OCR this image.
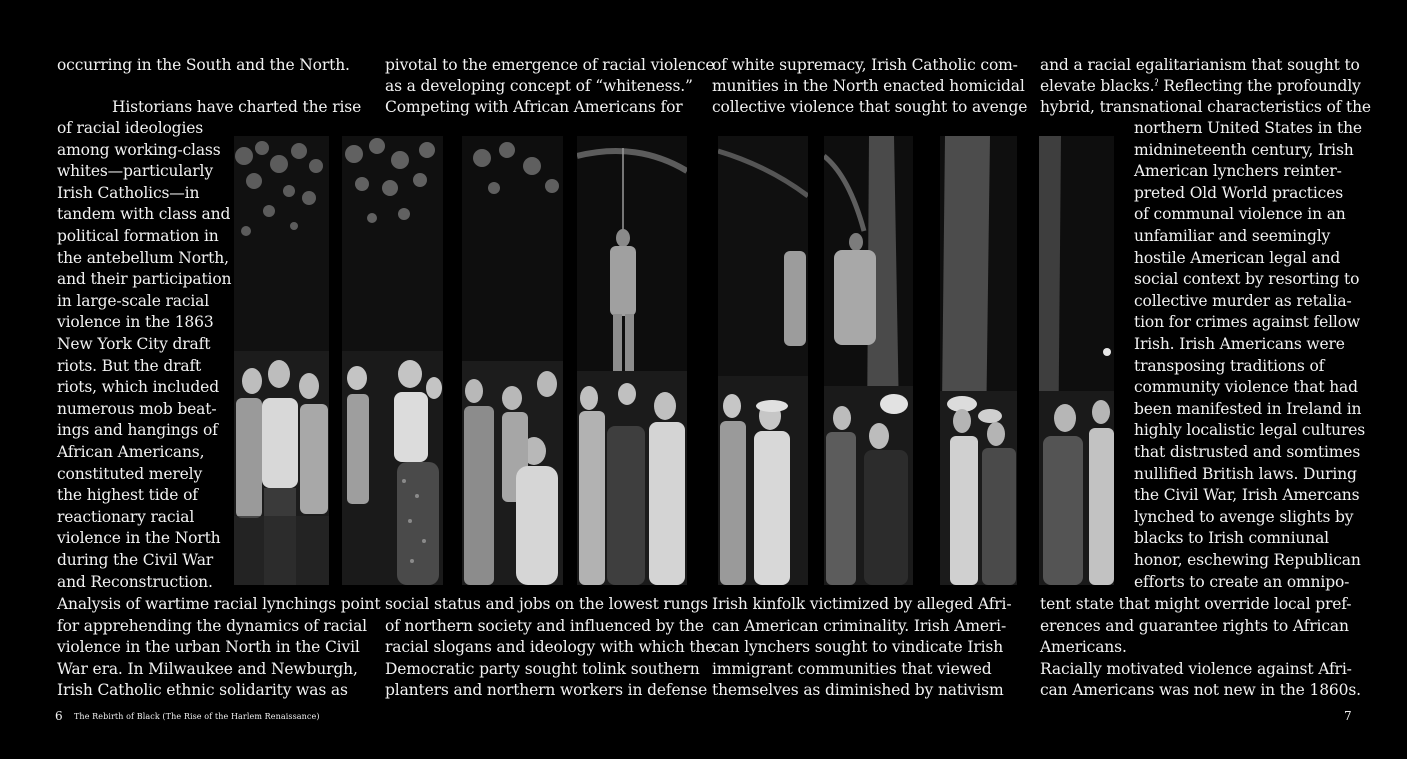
occurring in the South and the North.
Historians have charted the rise
of racial ideologies
among working-class
whites—particularly
Irish Catholics—in
tandem with class and
political formation in
the antebellum North,
and their participation
in large-scale racial
violence in the 1863
New York City draft
riots. But the draft
riots, which included
numerous mob beat-
ings and hangings of
African Americans,
constituted merely
the highest tide of
reactionary racial
violence in the North
during the Civil War
and Reconstruction.
Analysis of wartime racial lynchings point
for apprehending the dynamics of racial
violence in the urban North in the Civil
War era. In Milwaukee and Newburgh,
Irish Catholic ethnic solidarity was as
pivotal to the emergence of racial violence
as a developing concept of “whiteness.”
Competing with African Americans for
social status and jobs on the lowest rungs
of northern society and influenced by the
racial slogans and ideology with which the
Democratic party sought tolink southern
planters and northern workers in defense
of white supremacy, Irish Catholic com-
munities in the North enacted homicidal
collective violence that sought to avenge
Irish kinfolk victimized by alleged Afri-
can American criminality. Irish Ameri-
can lynchers sought to vindicate Irish
immigrant communities that viewed
themselves as diminished by nativism
and a racial egalitarianism that sought to
elevate blacks.ˀ Reflecting the profoundly
hybrid, transnational characteristics of the
northern United States in the
midnineteenth century, Irish
American lynchers reinter-
preted Old World practices
of communal violence in an
unfamiliar and seemingly
hostile American legal and
social context by resorting to
collective murder as retalia-
tion for crimes against fellow
Irish. Irish Americans were
transposing traditions of
community violence that had
been manifested in Ireland in
highly localistic legal cultures
that distrusted and somtimes
nullified British laws. During
the Civil War, Irish Amercans
lynched to avenge slights by
blacks to Irish comniunal
honor, eschewing Republican
efforts to create an omnipo-
tent state that might override local pref-
erences and guarantee rights to African
Americans.
Racially motivated violence against Afri-
can Americans was not new in the 1860s.
6 The Rebirth of Black (The Rise of the Harlem Renaissance)	7
